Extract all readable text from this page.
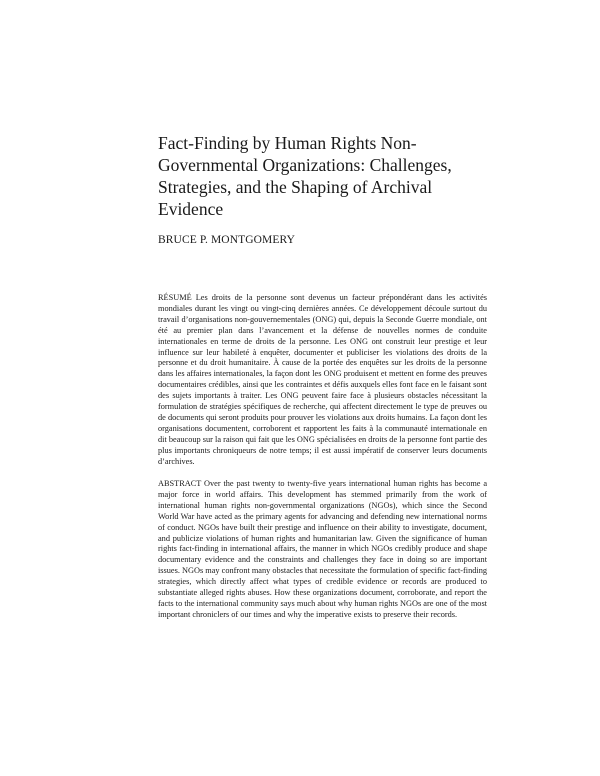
Fact-Finding by Human Rights Non-
Governmental Organizations: Challenges,
Strategies, and the Shaping of Archival
Evidence

BRUCE P. MONTGOMERY

RÉSUMÉ Les droits de la personne sont devenus un facteur prépondérant dans les activités mondiales durant les vingt ou vingt-cinq dernières années. Ce développement découle surtout du travail d’organisations non-gouvernementales (ONG) qui, depuis la Seconde Guerre mondiale, ont été au premier plan dans l’avancement et la défense de nouvelles normes de conduite internationales en terme de droits de la personne. Les ONG ont construit leur prestige et leur influence sur leur habileté à enquêter, documenter et publiciser les violations des droits de la personne et du droit humanitaire. À cause de la portée des enquêtes sur les droits de la personne dans les affaires internationales, la façon dont les ONG produisent et mettent en forme des preuves documentaires crédibles, ainsi que les contraintes et défis auxquels elles font face en le faisant sont des sujets importants à traiter. Les ONG peuvent faire face à plusieurs obstacles nécessitant la formulation de stratégies spécifiques de recherche, qui affectent directement le type de preuves ou de documents qui seront produits pour prouver les violations aux droits humains. La façon dont les organisations documentent, corroborent et rapportent les faits à la communauté internationale en dit beaucoup sur la raison qui fait que les ONG spécialisées en droits de la personne font partie des plus importants chroniqueurs de notre temps; il est aussi impératif de conserver leurs documents d’archives.

ABSTRACT Over the past twenty to twenty-five years international human rights has become a major force in world affairs. This development has stemmed primarily from the work of international human rights non-governmental organizations (NGOs), which since the Second World War have acted as the primary agents for advancing and defending new international norms of conduct. NGOs have built their prestige and influence on their ability to investigate, document, and publicize violations of human rights and humanitarian law. Given the significance of human rights fact-finding in international affairs, the manner in which NGOs credibly produce and shape documentary evidence and the constraints and challenges they face in doing so are important issues. NGOs may confront many obstacles that necessitate the formulation of specific fact-finding strategies, which directly affect what types of credible evidence or records are produced to substantiate alleged rights abuses. How these organizations document, corroborate, and report the facts to the international community says much about why human rights NGOs are one of the most important chroniclers of our times and why the imperative exists to preserve their records.
